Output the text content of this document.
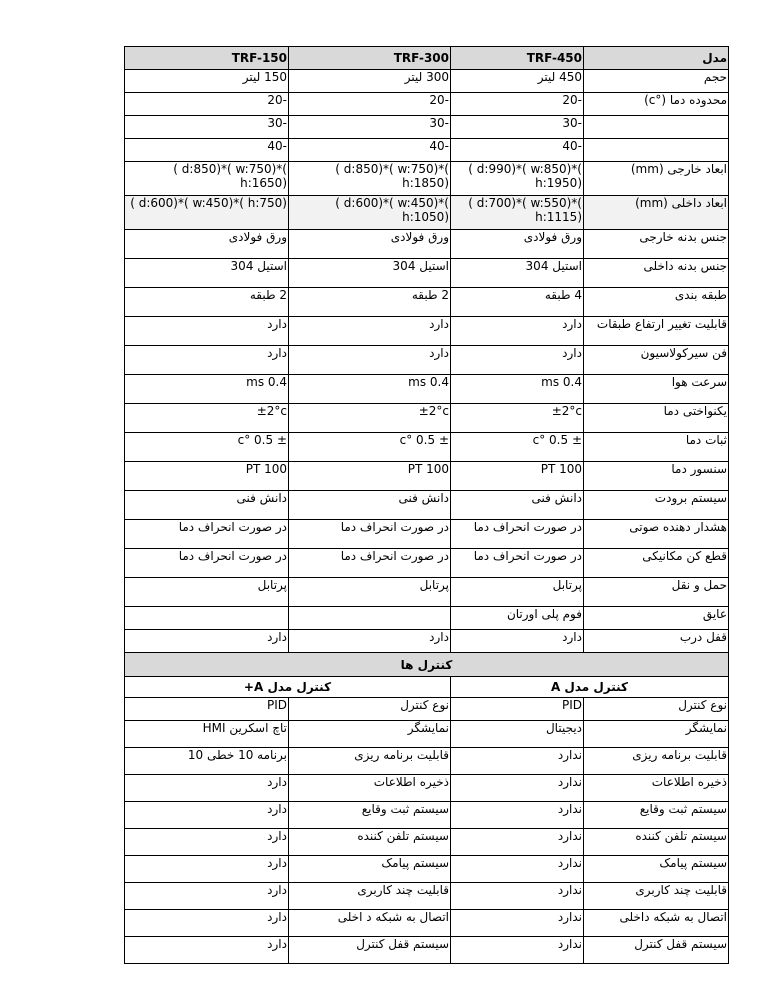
مدل	TRF-450	TRF-300	TRF-150
حجم	450 لیتر	300 لیتر	150 لیتر
محدوده دما (°c)	-20	-20	-20
	-30	-30	-30
	-40	-40	-40
ابعاد خارجی (mm)	( d:990)*( w:850)*( h:1950)	( d:850)*( w:750)*( h:1850)	( d:850)*( w:750)*( h:1650)
ابعاد داخلی (mm)	( d:700)*( w:550)*( h:1115)	( d:600)*( w:450)*( h:1050)	( d:600)*( w:450)*( h:750)
جنس بدنه خارجی	ورق فولادی	ورق فولادی	ورق فولادی
جنس بدنه داخلی	استیل 304	استیل 304	استیل 304
طبقه بندی	4 طبقه	2 طبقه	2 طبقه
قابلیت تغییر ارتفاع طبقات	دارد	دارد	دارد
فن سیرکولاسیون	دارد	دارد	دارد
سرعت هوا	0.4 ms	0.4 ms	0.4 ms
یکنواختی دما	±2°c	±2°c	±2°c
ثبات دما	± 0.5 °c	± 0.5 °c	± 0.5 °c
سنسور دما	PT 100	PT 100	PT 100
سیستم برودت	دانش فنی	دانش فنی	دانش فنی
هشدار دهنده صوتی	در صورت انحراف دما	در صورت انحراف دما	در صورت انحراف دما
قطع کن مکانیکی	در صورت انحراف دما	در صورت انحراف دما	در صورت انحراف دما
حمل و نقل	پرتابل	پرتابل	پرتابل
عایق	فوم پلی اورتان		
قفل درب	دارد	دارد	دارد
کنترل ها			
کنترل مدل A		کنترل مدل A+	
نوع کنترل	PID	نوع کنترل	PID
نمایشگر	دیجیتال	نمایشگر	تاچ اسکرین HMI
قابلیت برنامه ریزی	ندارد	قابلیت برنامه ریزی	برنامه 10 خطی 10
ذخیره اطلاعات	ندارد	ذخیره اطلاعات	دارد
سیستم ثبت وقایع	ندارد	سیستم ثبت وقایع	دارد
سیستم تلفن کننده	ندارد	سیستم تلفن کننده	دارد
سیستم پیامک	ندارد	سیستم پیامک	دارد
قابلیت چند کاربری	ندارد	قابلیت چند کاربری	دارد
اتصال به شبکه داخلی	ندارد	اتصال به شبکه د اخلی	دارد
سیستم قفل کنترل	ندارد	سیستم قفل کنترل	دارد
